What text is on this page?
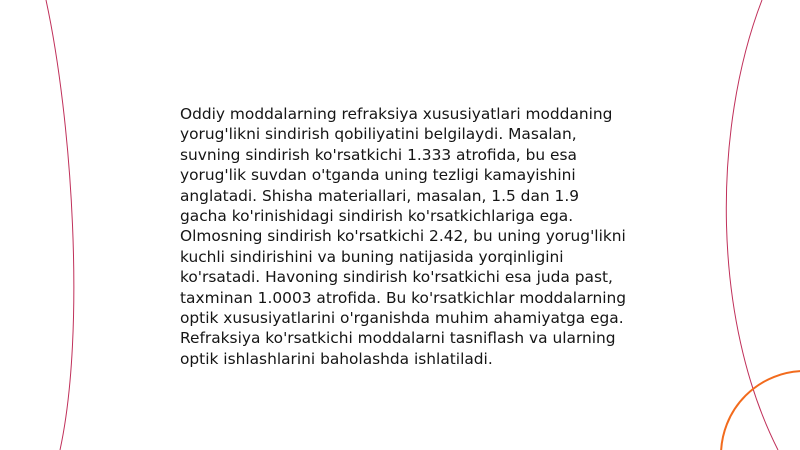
Oddiy moddalarning refraksiya xususiyatlari moddaning yorug'likni sindirish qobiliyatini belgilaydi. Masalan, suvning sindirish ko'rsatkichi 1.333 atrofida, bu esa yorug'lik suvdan o'tganda uning tezligi kamayishini anglatadi. Shisha materiallari, masalan, 1.5 dan 1.9 gacha ko'rinishidagi sindirish ko'rsatkichlariga ega. Olmosning sindirish ko'rsatkichi 2.42, bu uning yorug'likni kuchli sindirishini va buning natijasida yorqinligini ko'rsatadi. Havoning sindirish ko'rsatkichi esa juda past, taxminan 1.0003 atrofida. Bu ko'rsatkichlar moddalarning optik xususiyatlarini o'rganishda muhim ahamiyatga ega. Refraksiya ko'rsatkichi moddalarni tasniflash va ularning optik ishlashlarini baholashda ishlatiladi.
